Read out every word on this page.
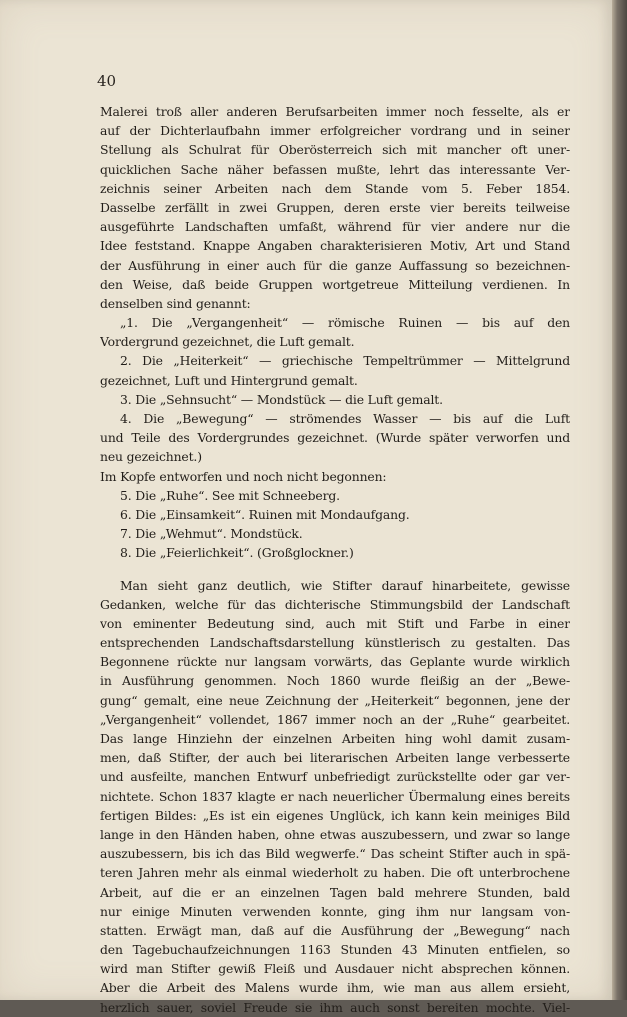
40

Malerei troß aller anderen Berufsarbeiten immer noch fesselte, als er
auf der Dichterlaufbahn immer erfolgreicher vordrang und in seiner
Stellung als Schulrat für Oberösterreich sich mit mancher oft uner-
quicklichen Sache näher befassen mußte, lehrt das interessante Ver-
zeichnis seiner Arbeiten nach dem Stande vom 5. Feber 1854.
Dasselbe zerfällt in zwei Gruppen, deren erste vier bereits teilweise
ausgeführte Landschaften umfaßt, während für vier andere nur die
Idee feststand. Knappe Angaben charakterisieren Motiv, Art und Stand
der Ausführung in einer auch für die ganze Auffassung so bezeichnen-
den Weise, daß beide Gruppen wortgetreue Mitteilung verdienen. In
denselben sind genannt:
„1. Die „Vergangenheit“ — römische Ruinen — bis auf den
Vordergrund gezeichnet, die Luft gemalt.
2. Die „Heiterkeit“ — griechische Tempeltrümmer — Mittelgrund
gezeichnet, Luft und Hintergrund gemalt.
3. Die „Sehnsucht“ — Mondstück — die Luft gemalt.
4. Die „Bewegung“ — strömendes Wasser — bis auf die Luft
und Teile des Vordergrundes gezeichnet. (Wurde später verworfen und
neu gezeichnet.)
Im Kopfe entworfen und noch nicht begonnen:
5. Die „Ruhe“. See mit Schneeberg.
6. Die „Einsamkeit“. Ruinen mit Mondaufgang.
7. Die „Wehmut“. Mondstück.
8. Die „Feierlichkeit“. (Großglockner.)
Man sieht ganz deutlich, wie Stifter darauf hinarbeitete, gewisse
Gedanken, welche für das dichterische Stimmungsbild der Landschaft
von eminenter Bedeutung sind, auch mit Stift und Farbe in einer
entsprechenden Landschaftsdarstellung künstlerisch zu gestalten. Das
Begonnene rückte nur langsam vorwärts, das Geplante wurde wirklich
in Ausführung genommen. Noch 1860 wurde fleißig an der „Bewe-
gung“ gemalt, eine neue Zeichnung der „Heiterkeit“ begonnen, jene der
„Vergangenheit“ vollendet, 1867 immer noch an der „Ruhe“ gearbeitet.
Das lange Hinziehn der einzelnen Arbeiten hing wohl damit zusam-
men, daß Stifter, der auch bei literarischen Arbeiten lange verbesserte
und ausfeilte, manchen Entwurf unbefriedigt zurückstellte oder gar ver-
nichtete. Schon 1837 klagte er nach neuerlicher Übermalung eines bereits
fertigen Bildes: „Es ist ein eigenes Unglück, ich kann kein meiniges Bild
lange in den Händen haben, ohne etwas auszubessern, und zwar so lange
auszubessern, bis ich das Bild wegwerfe.“ Das scheint Stifter auch in spä-
teren Jahren mehr als einmal wiederholt zu haben. Die oft unterbrochene
Arbeit, auf die er an einzelnen Tagen bald mehrere Stunden, bald
nur einige Minuten verwenden konnte, ging ihm nur langsam von-
statten. Erwägt man, daß auf die Ausführung der „Bewegung“ nach
den Tagebuchaufzeichnungen 1163 Stunden 43 Minuten entfielen, so
wird man Stifter gewiß Fleiß und Ausdauer nicht absprechen können.
Aber die Arbeit des Malens wurde ihm, wie man aus allem ersieht,
herzlich sauer, soviel Freude sie ihm auch sonst bereiten mochte. Viel-
